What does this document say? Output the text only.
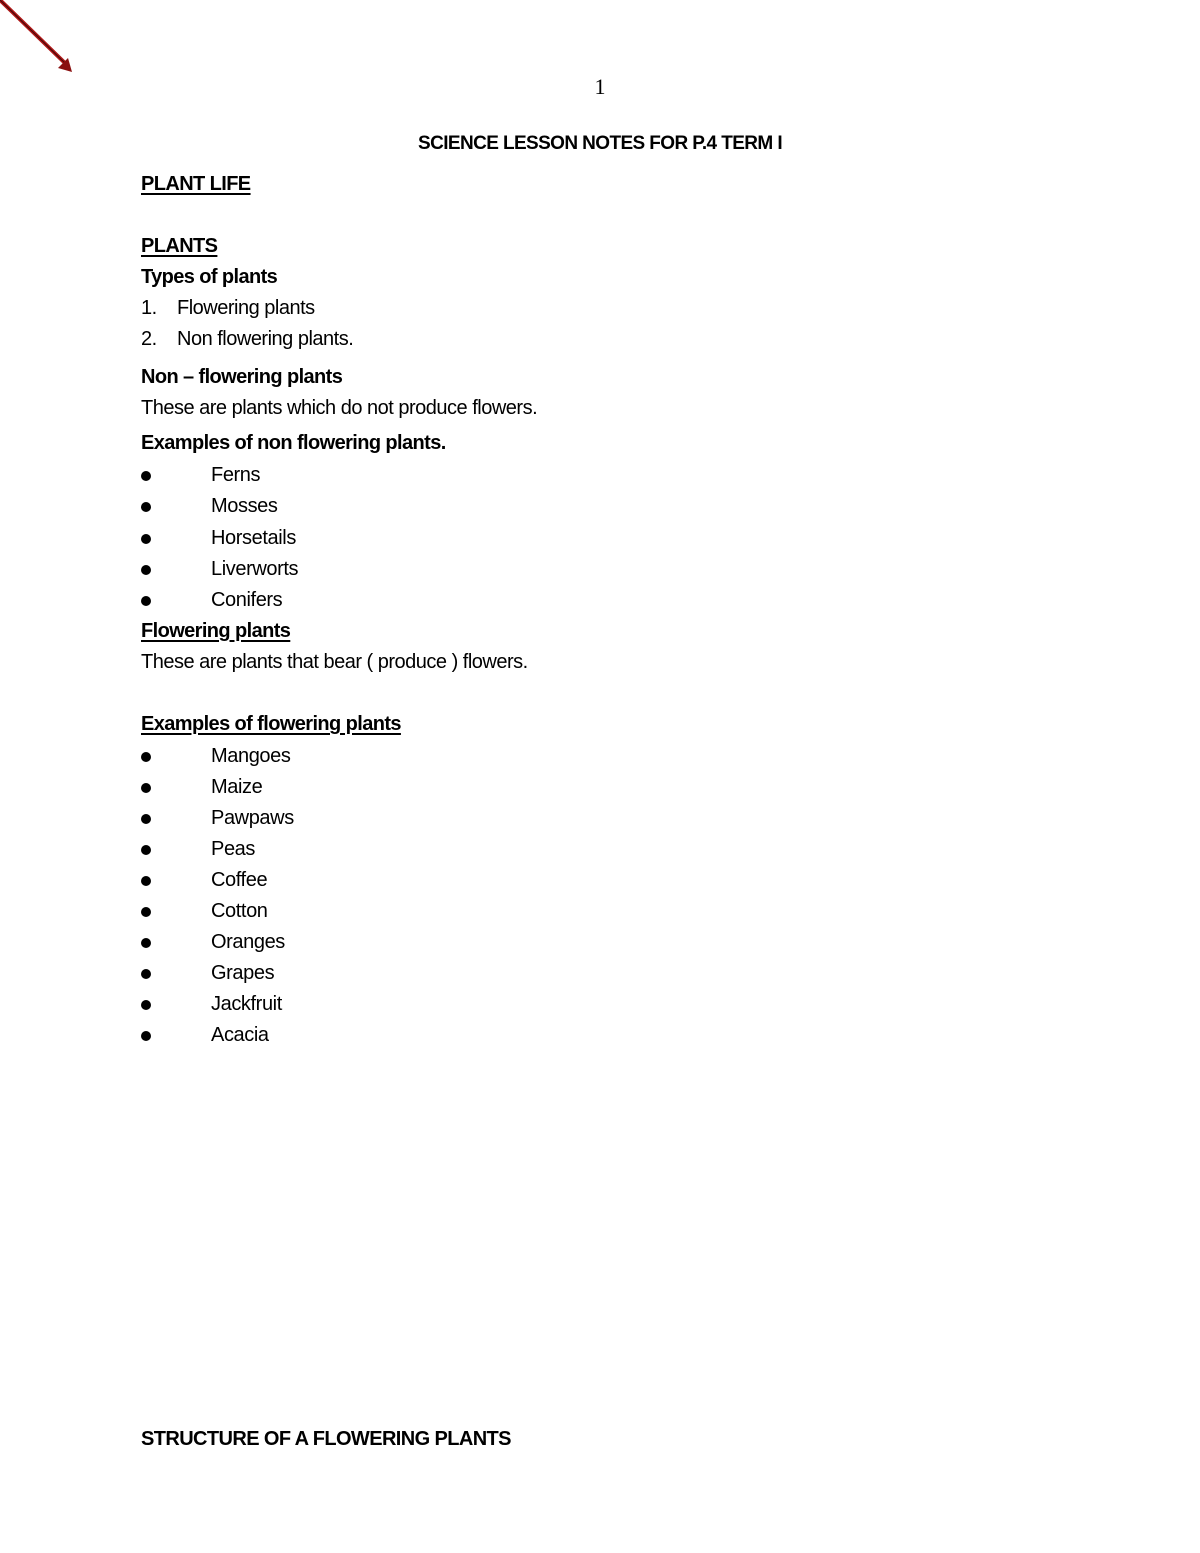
1
SCIENCE LESSON NOTES FOR P.4 TERM I
PLANT LIFE
PLANTS
Types of plants
1. Flowering plants
2. Non flowering plants.
Non – flowering plants
These are plants which do not produce flowers.
Examples of non flowering plants.
Ferns
Mosses
Horsetails
Liverworts
Conifers
Flowering plants
These are plants that bear ( produce ) flowers.
Examples of flowering plants
Mangoes
Maize
Pawpaws
Peas
Coffee
Cotton
Oranges
Grapes
Jackfruit
Acacia
STRUCTURE OF A FLOWERING PLANTS
